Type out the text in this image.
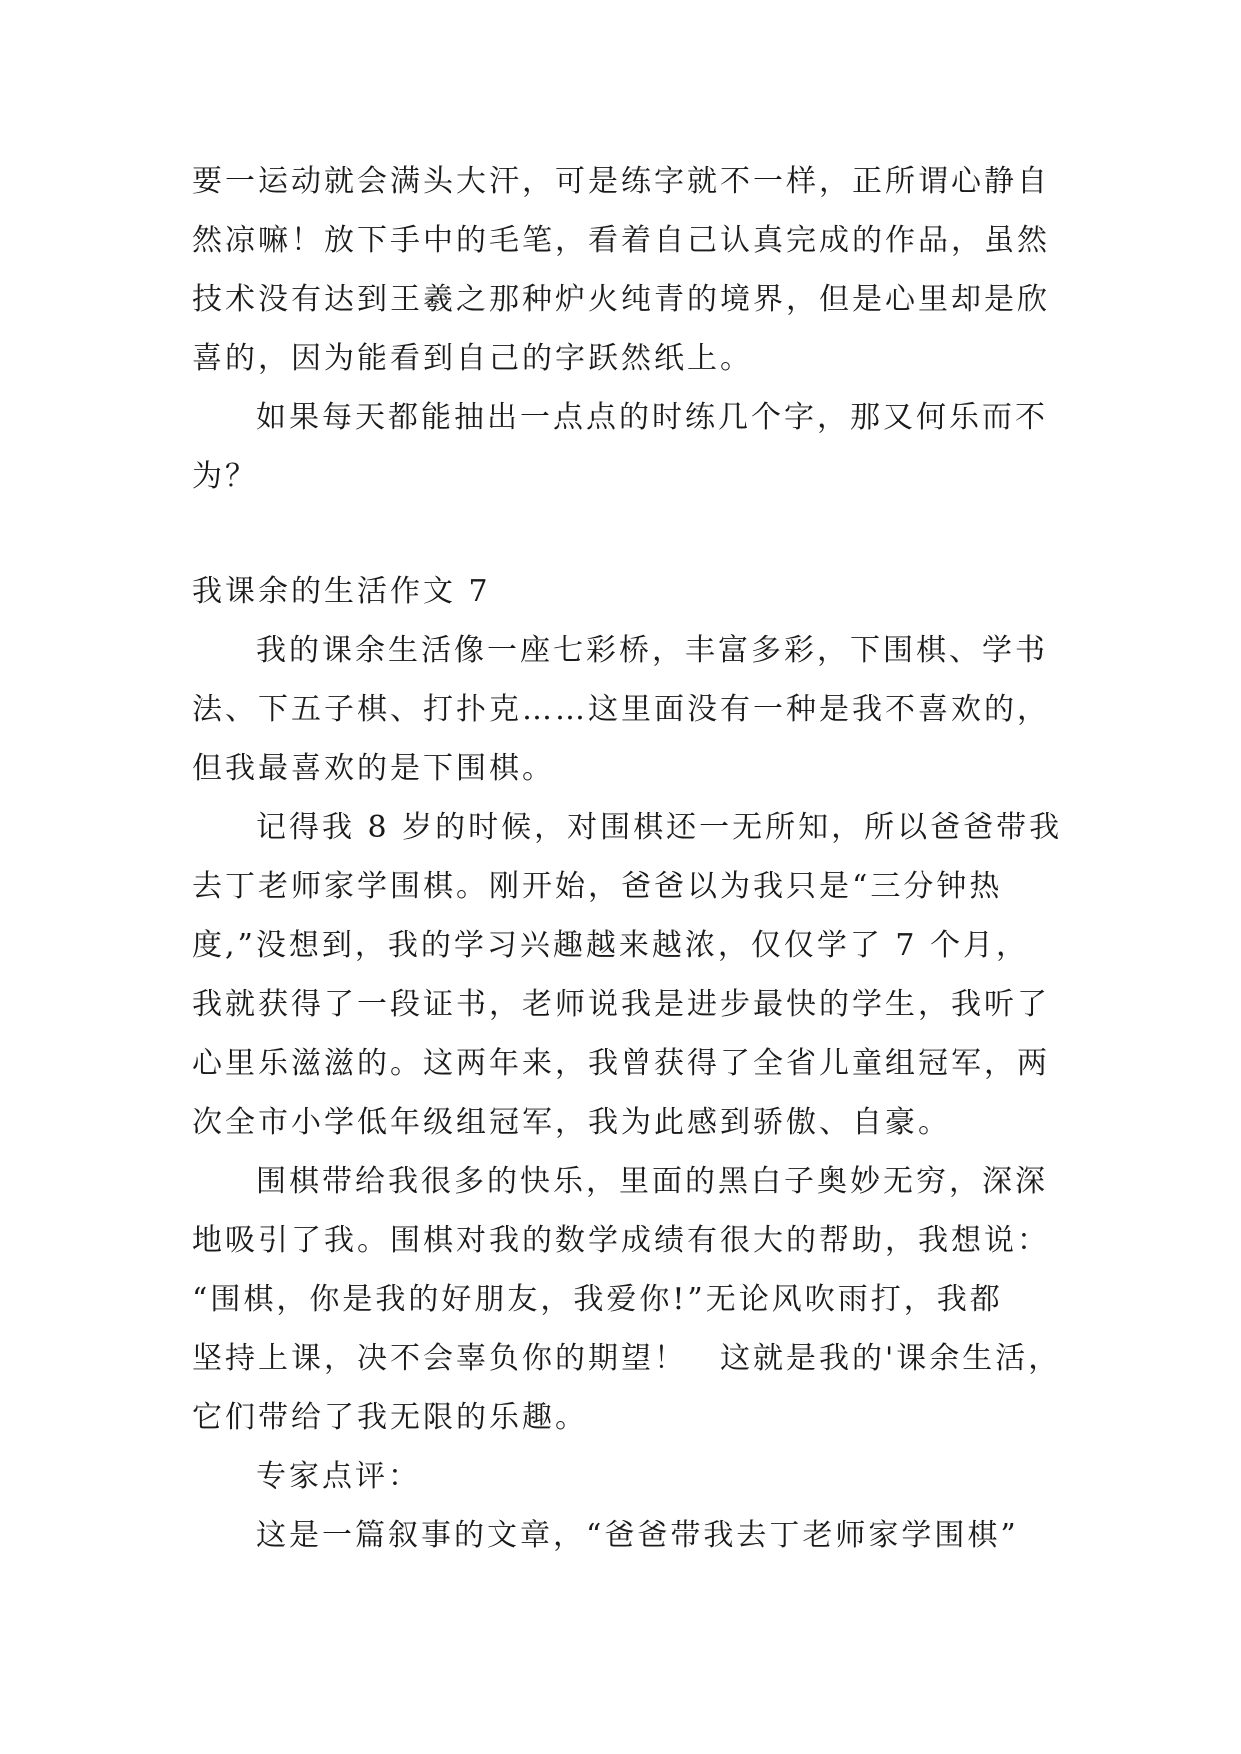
要一运动就会满头大汗，可是练字就不一样，正所谓心静自
然凉嘛！放下手中的毛笔，看着自己认真完成的作品，虽然
技术没有达到王羲之那种炉火纯青的境界，但是心里却是欣
喜的，因为能看到自己的字跃然纸上。
如果每天都能抽出一点点的时练几个字，那又何乐而不
为？
我课余的生活作文 7
我的课余生活像一座七彩桥，丰富多彩，下围棋、学书
法、下五子棋、打扑克……这里面没有一种是我不喜欢的，
但我最喜欢的是下围棋。
记得我 8 岁的时候，对围棋还一无所知，所以爸爸带我
去丁老师家学围棋。刚开始，爸爸以为我只是“三分钟热
度,”没想到，我的学习兴趣越来越浓，仅仅学了 7 个月，
我就获得了一段证书，老师说我是进步最快的学生，我听了
心里乐滋滋的。这两年来，我曾获得了全省儿童组冠军，两
次全市小学低年级组冠军，我为此感到骄傲、自豪。
围棋带给我很多的快乐，里面的黑白子奥妙无穷，深深
地吸引了我。围棋对我的数学成绩有很大的帮助，我想说：
“围棋，你是我的好朋友，我爱你!”无论风吹雨打，我都
坚持上课，决不会辜负你的期望！　这就是我的'课余生活，
它们带给了我无限的乐趣。
专家点评：
这是一篇叙事的文章，“爸爸带我去丁老师家学围棋”
